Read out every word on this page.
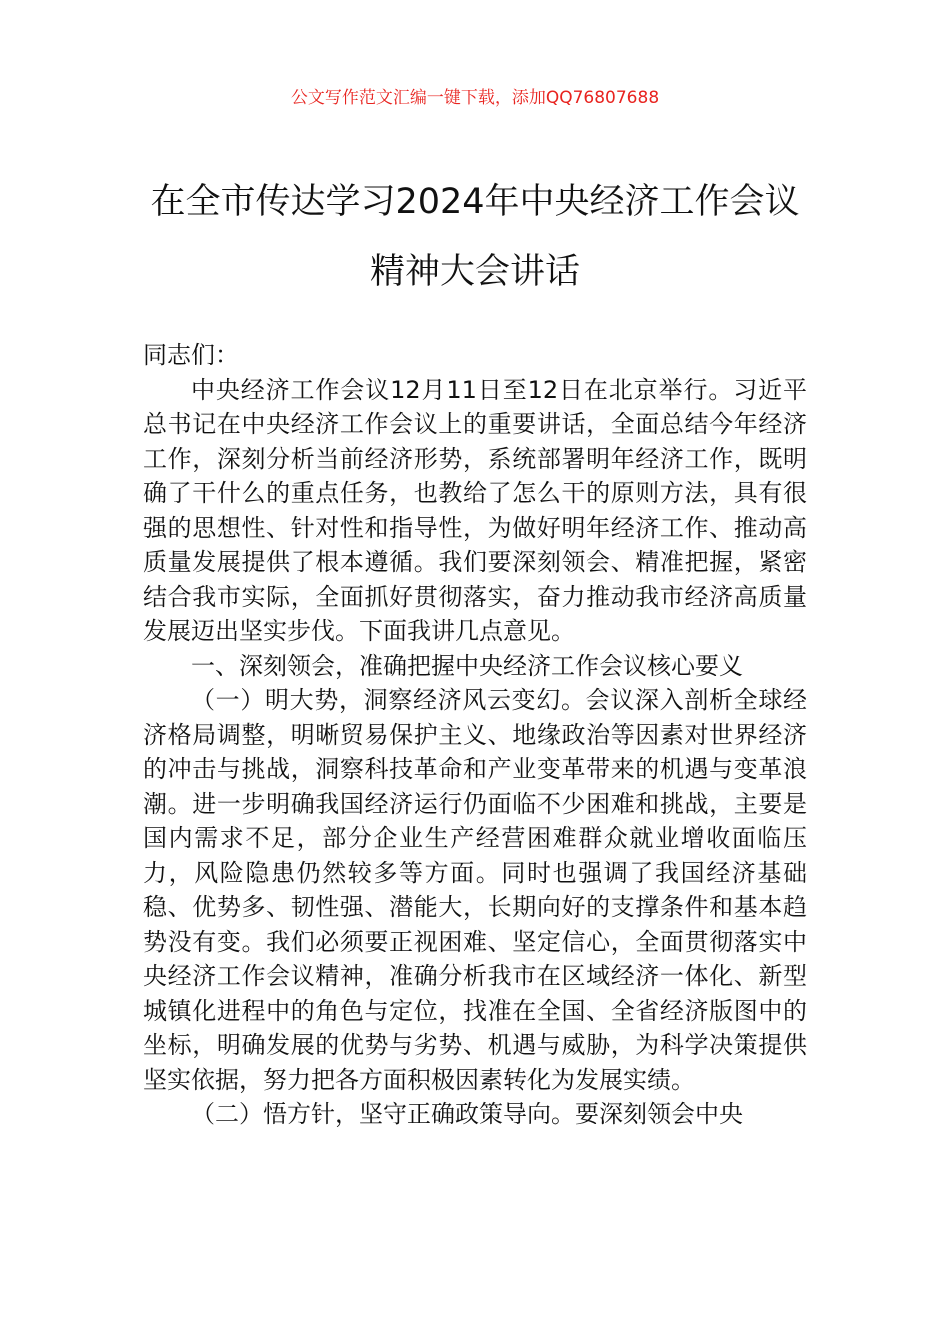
公文写作范文汇编一键下载，添加QQ76807688
在全市传达学习2024年中央经济工作会议
精神大会讲话

同志们：

中央经济工作会议12月11日至12日在北京举行。习近平总书记在中央经济工作会议上的重要讲话，全面总结今年经济工作，深刻分析当前经济形势，系统部署明年经济工作，既明确了干什么的重点任务，也教给了怎么干的原则方法，具有很强的思想性、针对性和指导性，为做好明年经济工作、推动高质量发展提供了根本遵循。我们要深刻领会、精准把握，紧密结合我市实际，全面抓好贯彻落实，奋力推动我市经济高质量发展迈出坚实步伐。下面我讲几点意见。

一、深刻领会，准确把握中央经济工作会议核心要义

（一）明大势，洞察经济风云变幻。会议深入剖析全球经济格局调整，明晰贸易保护主义、地缘政治等因素对世界经济的冲击与挑战，洞察科技革命和产业变革带来的机遇与变革浪潮。进一步明确我国经济运行仍面临不少困难和挑战，主要是国内需求不足，部分企业生产经营困难群众就业增收面临压力，风险隐患仍然较多等方面。同时也强调了我国经济基础稳、优势多、韧性强、潜能大，长期向好的支撑条件和基本趋势没有变。我们必须要正视困难、坚定信心，全面贯彻落实中央经济工作会议精神，准确分析我市在区域经济一体化、新型城镇化进程中的角色与定位，找准在全国、全省经济版图中的坐标，明确发展的优势与劣势、机遇与威胁，为科学决策提供坚实依据，努力把各方面积极因素转化为发展实绩。

（二）悟方针，坚守正确政策导向。要深刻领会中央
